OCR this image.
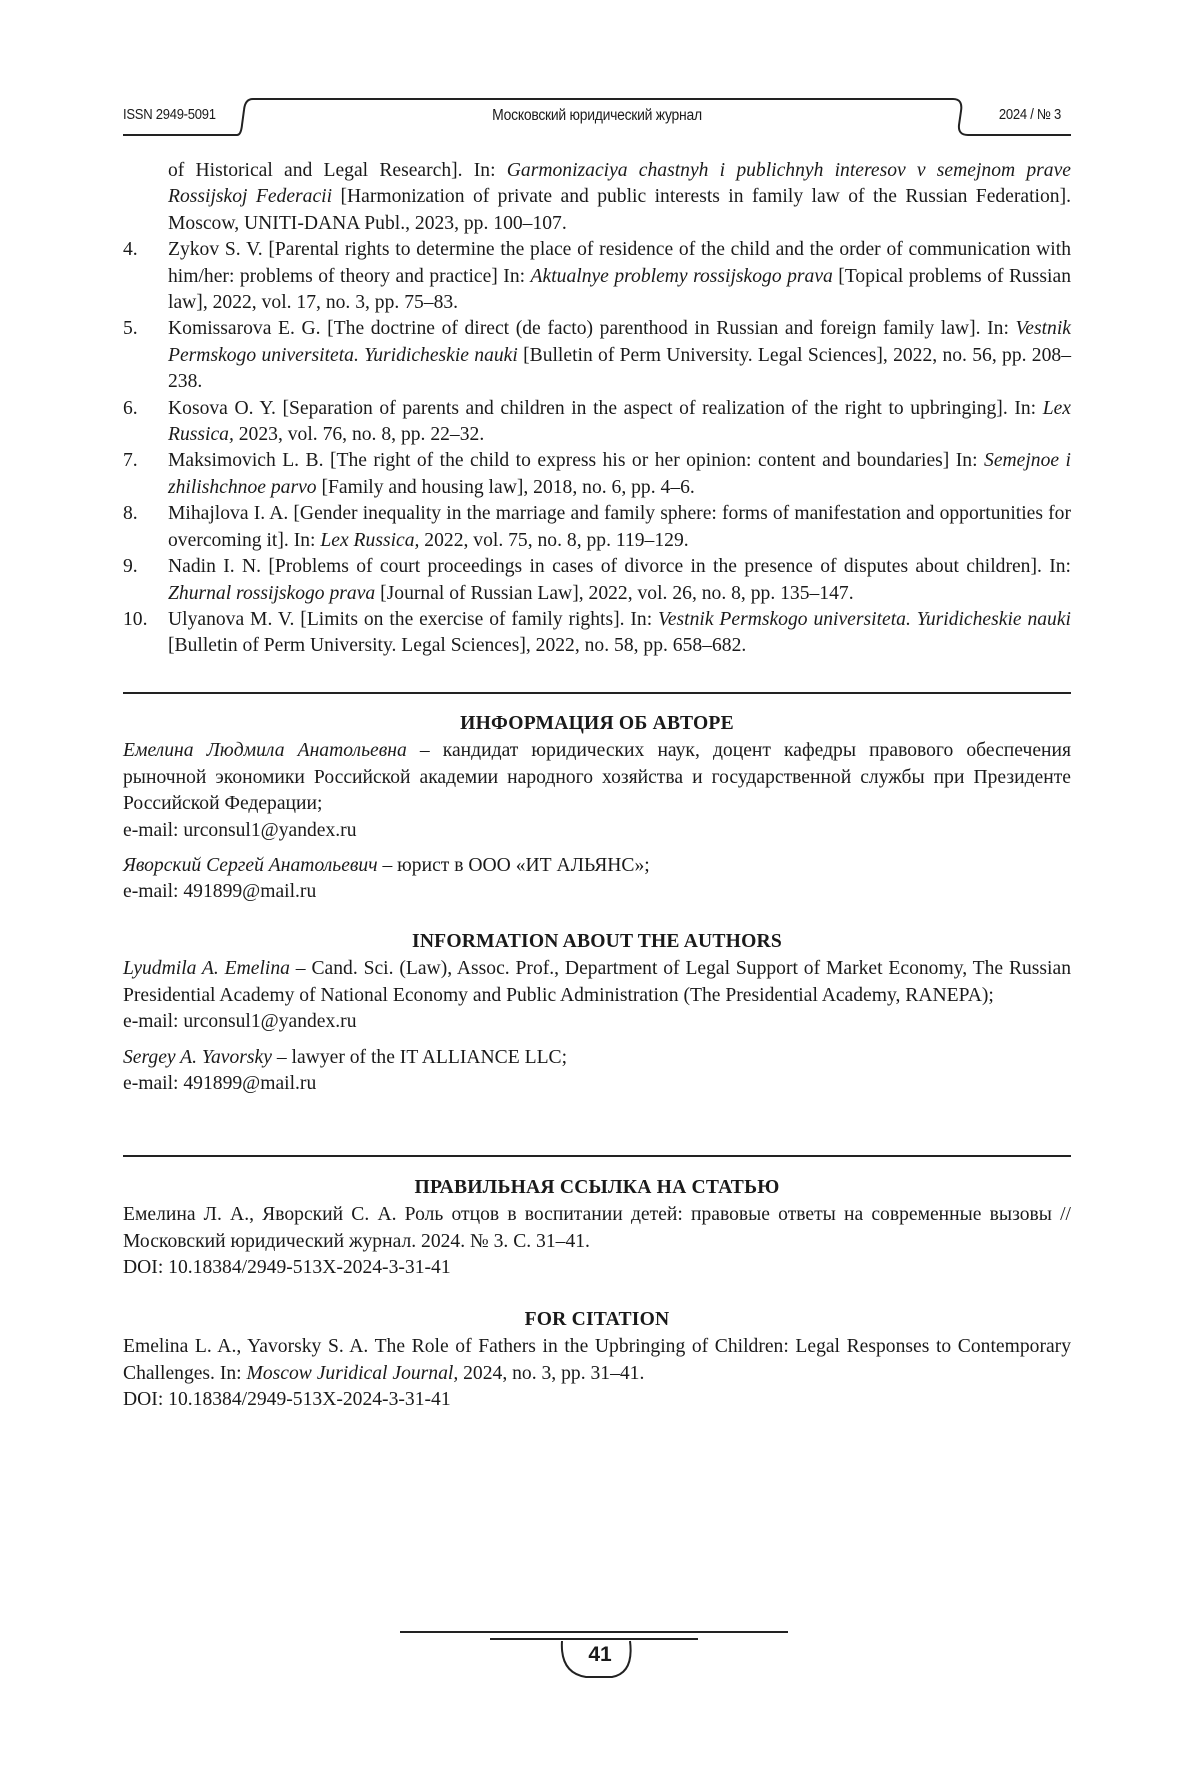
ISSN 2949-5091	Московский юридический журнал	2024 / № 3
of Historical and Legal Research]. In: Garmonizaciya chastnyh i publichnyh interesov v semejnom prave Rossijskoj Federacii [Harmonization of private and public interests in family law of the Russian Federation]. Moscow, UNITI-DANA Publ., 2023, pp. 100–107.
4. Zykov S. V. [Parental rights to determine the place of residence of the child and the order of communication with him/her: problems of theory and practice] In: Aktualnye problemy rossijskogo prava [Topical problems of Russian law], 2022, vol. 17, no. 3, pp. 75–83.
5. Komissarova E. G. [The doctrine of direct (de facto) parenthood in Russian and foreign family law]. In: Vestnik Permskogo universiteta. Yuridicheskie nauki [Bulletin of Perm University. Legal Sciences], 2022, no. 56, pp. 208–238.
6. Kosova O. Y. [Separation of parents and children in the aspect of realization of the right to upbringing]. In: Lex Russica, 2023, vol. 76, no. 8, pp. 22–32.
7. Maksimovich L. B. [The right of the child to express his or her opinion: content and boundaries] In: Semejnoe i zhilishchnoe parvo [Family and housing law], 2018, no. 6, pp. 4–6.
8. Mihajlova I. A. [Gender inequality in the marriage and family sphere: forms of manifestation and opportunities for overcoming it]. In: Lex Russica, 2022, vol. 75, no. 8, pp. 119–129.
9. Nadin I. N. [Problems of court proceedings in cases of divorce in the presence of disputes about children]. In: Zhurnal rossijskogo prava [Journal of Russian Law], 2022, vol. 26, no. 8, pp. 135–147.
10. Ulyanova M. V. [Limits on the exercise of family rights]. In: Vestnik Permskogo universiteta. Yuridicheskie nauki [Bulletin of Perm University. Legal Sciences], 2022, no. 58, pp. 658–682.
ИНФОРМАЦИЯ ОБ АВТОРЕ

Емелина Людмила Анатольевна – кандидат юридических наук, доцент кафедры правового обеспечения рыночной экономики Российской академии народного хозяйства и государственной службы при Президенте Российской Федерации;

e-mail: urconsul1@yandex.ru

Яворский Сергей Анатольевич – юрист в ООО «ИТ АЛЬЯНС»;

e-mail: 491899@mail.ru

INFORMATION ABOUT THE AUTHORS

Lyudmila A. Emelina – Cand. Sci. (Law), Assoc. Prof., Department of Legal Support of Market Economy, The Russian Presidential Academy of National Economy and Public Administration (The Presidential Academy, RANEPA);

e-mail: urconsul1@yandex.ru

Sergey A. Yavorsky – lawyer of the IT ALLIANCE LLC;

e-mail: 491899@mail.ru

ПРАВИЛЬНАЯ ССЫЛКА НА СТАТЬЮ

Емелина Л. А., Яворский С. А. Роль отцов в воспитании детей: правовые ответы на современные вызовы // Московский юридический журнал. 2024. № 3. С. 31–41.

DOI: 10.18384/2949-513X-2024-3-31-41

FOR CITATION

Emelina L. A., Yavorsky S. A. The Role of Fathers in the Upbringing of Children: Legal Responses to Contemporary Challenges. In: Moscow Juridical Journal, 2024, no. 3, pp. 31–41.

DOI: 10.18384/2949-513X-2024-3-31-41

41
